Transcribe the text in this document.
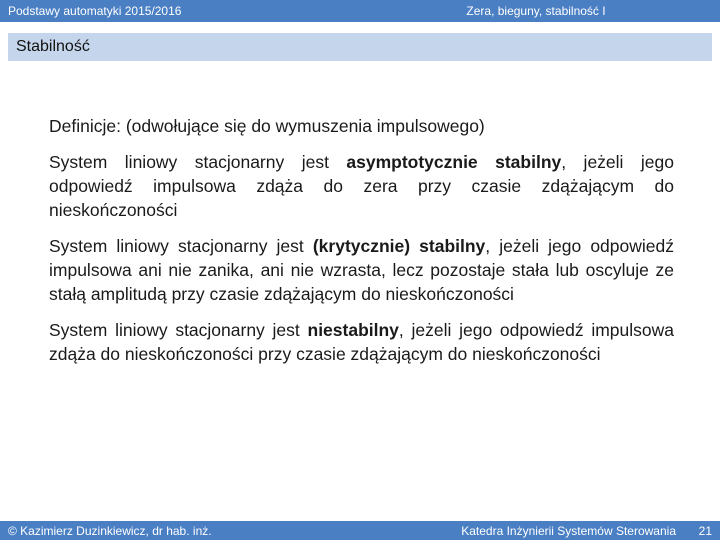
Podstawy automatyki 2015/2016	Zera, bieguny, stabilność I
Stabilność

Definicje: (odwołujące się do wymuszenia impulsowego)

System liniowy stacjonarny jest asymptotycznie stabilny, jeżeli jego odpowiedź impulsowa zdąża do zera przy czasie zdążającym do nieskończoności

System liniowy stacjonarny jest (krytycznie) stabilny, jeżeli jego odpowiedź impulsowa ani nie zanika, ani nie wzrasta, lecz pozostaje stała lub oscyluje ze stałą amplitudą przy czasie zdążającym do nieskończoności

System liniowy stacjonarny jest niestabilny, jeżeli jego odpowiedź impulsowa zdąża do nieskończoności przy czasie zdążającym do nieskończoności

© Kazimierz Duzinkiewicz, dr hab. inż.	Katedra Inżynierii Systemów Sterowania	21
